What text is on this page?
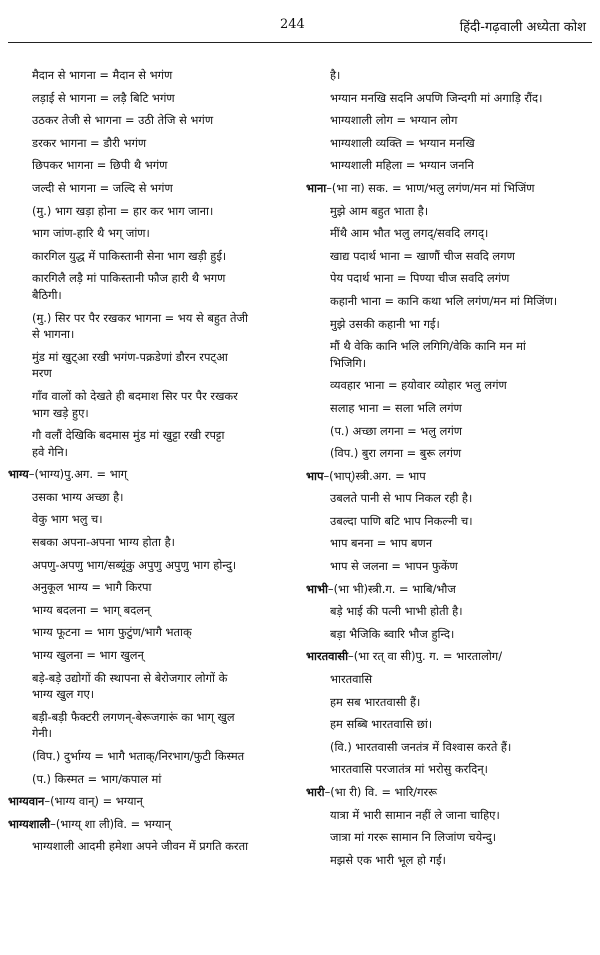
244	हिंदी-गढ़वाली अध्येता कोश
मैदान से भागना = मैदान से भगंण
लड़ाई से भागना = लड़ै बिटि भगंण
उठकर तेजी से भागना = उठी तेजि से भगंण
डरकर भागना = डौरी भगंण
छिपकर भागना = छिपी थै भगंण
जल्दी से भागना = जल्दि से भगंण
(मु.) भाग खड़ा होना = हार कर भाग जाना।
भाग जांण-हारि थै भग् जांण।
कारगिल युद्ध में पाकिस्तानी सेना भाग खड़ी हुई।
कारगिलै लड़ै मां पाकिस्तानी फौज हारी थै भगण
बैठिगी।
(मु.) सिर पर पैर रखकर भागना = भय से बहुत तेजी
से भागना।
मुंड मां खुट्आ रखी भगंण-पक्रडेणां डौरन रपट्आ
मरण
गाँव वालों को देखते ही बदमाश सिर पर पैर रखकर
भाग खड़े हुए।
गौ वलौं देखिकि बदमास मुंड मां खुट्टा रखी रपट्टा
हवे गेनि।
भाग्य–(भाग्य)पु.अग. = भाग्
उसका भाग्य अच्छा है।
वेकु भाग भलु च।
सबका अपना-अपना भाग्य होता है।
अपणु-अपणु भाग/सब्यूंकु अपुणु अपुणु भाग होन्दु।
अनुकूल भाग्य = भागै किरपा
भाग्य बदलना = भाग् बदलन्
भाग्य फूटना = भाग फुटुंण/भागै भताक्
भाग्य खुलना = भाग खुलन्
बड़े-बड़े उद्योगों की स्थापना से बेरोजगार लोगों के
भाग्य खुल गए।
बड़ी-बड़ी फैक्टरी लगणन्-बेरूजगारूं का भाग् खुल
गेनी।
(विप.) दुर्भाग्य = भागै भताक्/निरभाग/फुटी किस्मत
(प.) किस्मत = भाग/कपाल मां
भाग्यवान–(भाग्य वान्) = भग्यान्
भाग्यशाली–(भाग्य् शा ली)वि. = भग्यान्
भाग्यशाली आदमी हमेशा अपने जीवन में प्रगति करता
है।
भग्यान मनखि सदनि अपणि जिन्दगी मां अगाड़ि रौंद।
भाग्यशाली लोग = भग्यान लोग
भाग्यशाली व्यक्ति = भग्यान मनखि
भाग्यशाली महिला = भग्यान जननि
भाना–(भा ना) सक. = भाण/भलु लगंण/मन मां भिजिंण
मुझे आम बहुत भाता है।
मींथै आम भौत भलु लगद्/सवदि लगद्।
खाद्य पदार्थ भाना = खाणौं चीज सवदि लगण
पेय पदार्थ भाना = पिण्या चीज सवदि लगंण
कहानी भाना = कानि कथा भलि लगंण/मन मां मिजिंण।
मुझे उसकी कहानी भा गई।
मौं थै वेकि कानि भलि लगिगि/वेकि कानि मन मां
भिजिगि।
व्यवहार भाना = हयोवार व्योहार भलु लगंण
सलाह भाना = सला भलि लगंण
(प.) अच्छा लगना = भलु लगंण
(विप.) बुरा लगना = बुरू लगंण
भाप–(भाप्)स्त्री.अग. = भाप
उबलते पानी से भाप निकल रही है।
उबल्दा पाणि बटि भाप निकल्नी च।
भाप बनना = भाप बणन
भाप से जलना = भापन फुकेंण
भाभी–(भा भी)स्त्री.ग. = भाबि/भौज
बड़े भाई की पत्नी भाभी होती है।
बड़ा भैजिकि ब्वारि भौज हुन्दि।
भारतवासी–(भा रत् वा सी)पु. ग. = भारतालोग/
भारतवासि
हम सब भारतवासी हैं।
हम सब्बि भारतवासि छां।
(वि.) भारतवासी जनतंत्र में विश्वास करते हैं।
भारतवासि परजातंत्र मां भरोसु करदिन्।
भारी–(भा री) वि. = भारि/गररू
यात्रा में भारी सामान नहीं ले जाना चाहिए।
जात्रा मां गररू सामान नि लिजांण चयेन्दु।
मझसे एक भारी भूल हो गई।
